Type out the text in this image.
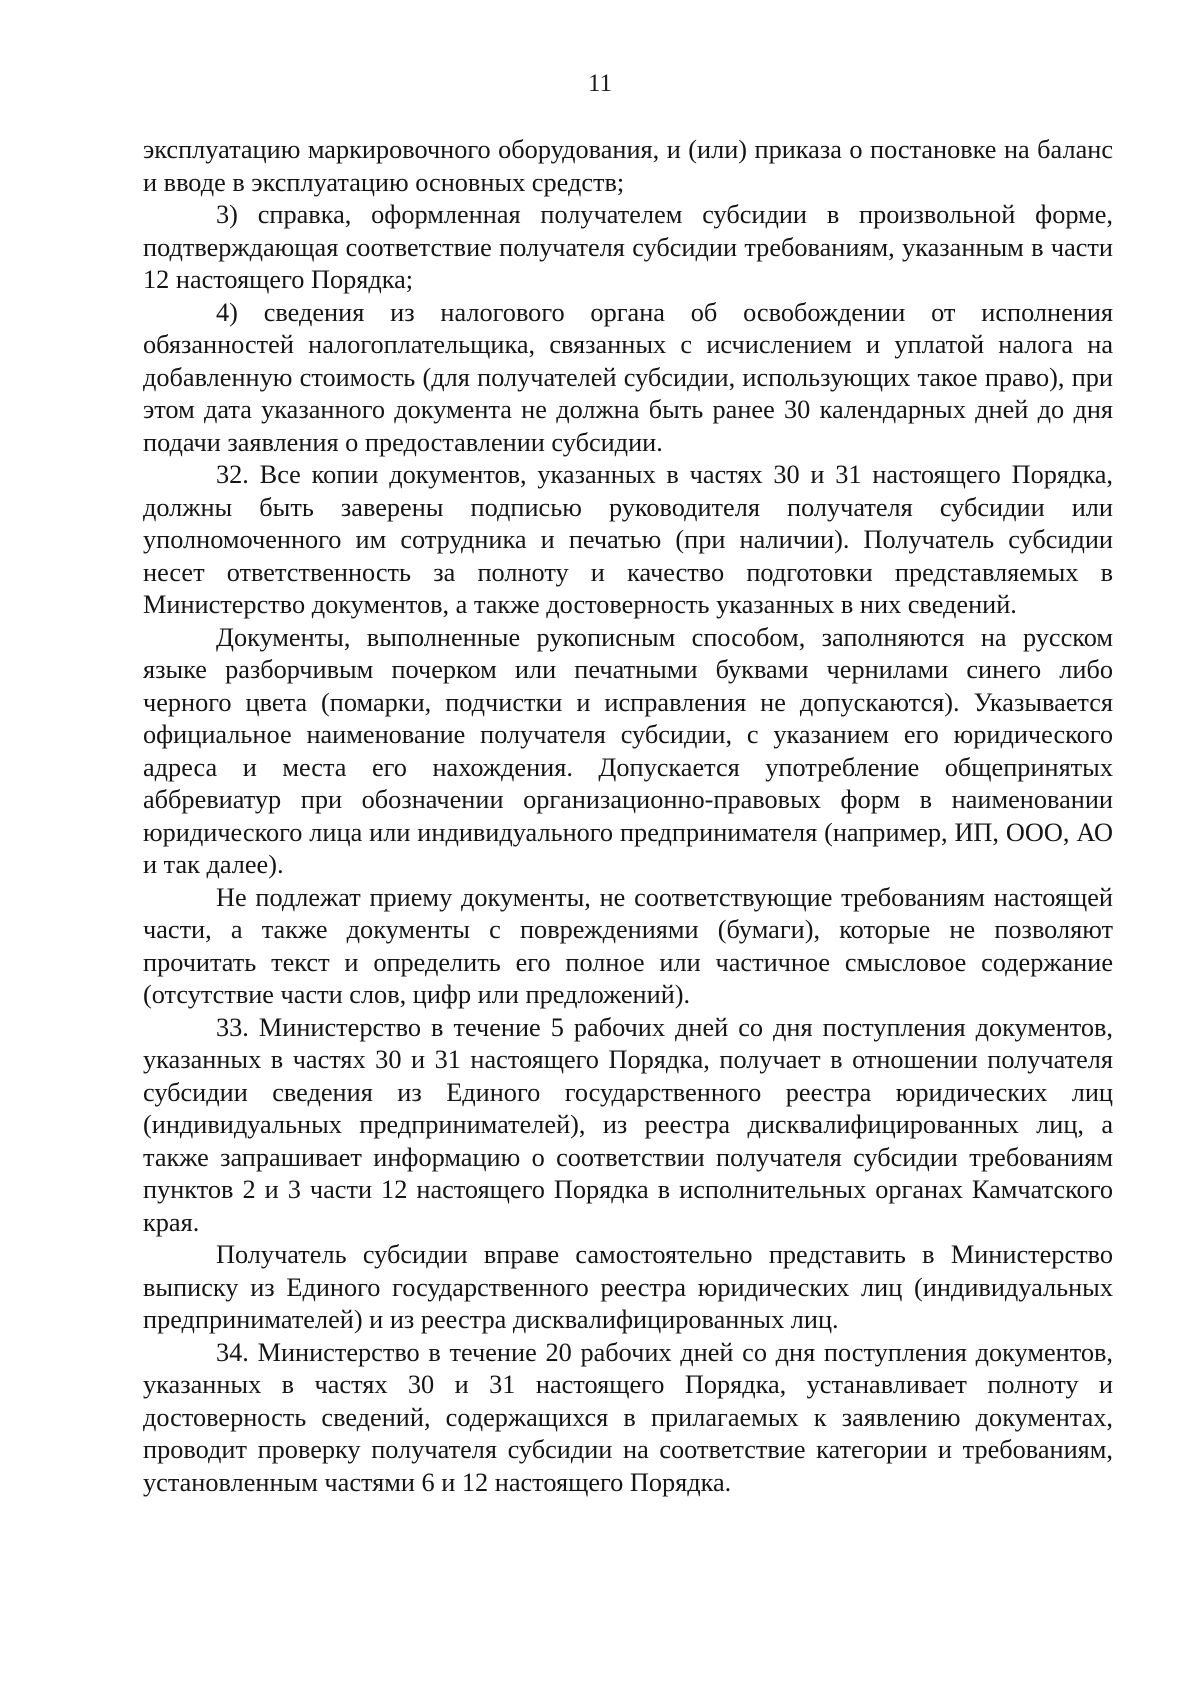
11

эксплуатацию маркировочного оборудования, и (или) приказа о постановке на баланс и вводе в эксплуатацию основных средств;

3) справка, оформленная получателем субсидии в произвольной форме, подтверждающая соответствие получателя субсидии требованиям, указанным в части 12 настоящего Порядка;

4) сведения из налогового органа об освобождении от исполнения обязанностей налогоплательщика, связанных с исчислением и уплатой налога на добавленную стоимость (для получателей субсидии, использующих такое право), при этом дата указанного документа не должна быть ранее 30 календарных дней до дня подачи заявления о предоставлении субсидии.

32. Все копии документов, указанных в частях 30 и 31 настоящего Порядка, должны быть заверены подписью руководителя получателя субсидии или уполномоченного им сотрудника и печатью (при наличии). Получатель субсидии несет ответственность за полноту и качество подготовки представляемых в Министерство документов, а также достоверность указанных в них сведений.

Документы, выполненные рукописным способом, заполняются на русском языке разборчивым почерком или печатными буквами чернилами синего либо черного цвета (помарки, подчистки и исправления не допускаются). Указывается официальное наименование получателя субсидии, с указанием его юридического адреса и места его нахождения. Допускается употребление общепринятых аббревиатур при обозначении организационно-правовых форм в наименовании юридического лица или индивидуального предпринимателя (например, ИП, ООО, АО и так далее).

Не подлежат приему документы, не соответствующие требованиям настоящей части, а также документы с повреждениями (бумаги), которые не позволяют прочитать текст и определить его полное или частичное смысловое содержание (отсутствие части слов, цифр или предложений).

33. Министерство в течение 5 рабочих дней со дня поступления документов, указанных в частях 30 и 31 настоящего Порядка, получает в отношении получателя субсидии сведения из Единого государственного реестра юридических лиц (индивидуальных предпринимателей), из реестра дисквалифицированных лиц, а также запрашивает информацию о соответствии получателя субсидии требованиям пунктов 2 и 3 части 12 настоящего Порядка в исполнительных органах Камчатского края.

Получатель субсидии вправе самостоятельно представить в Министерство выписку из Единого государственного реестра юридических лиц (индивидуальных предпринимателей) и из реестра дисквалифицированных лиц.

34. Министерство в течение 20 рабочих дней со дня поступления документов, указанных в частях 30 и 31 настоящего Порядка, устанавливает полноту и достоверность сведений, содержащихся в прилагаемых к заявлению документах, проводит проверку получателя субсидии на соответствие категории и требованиям, установленным частями 6 и 12 настоящего Порядка.
